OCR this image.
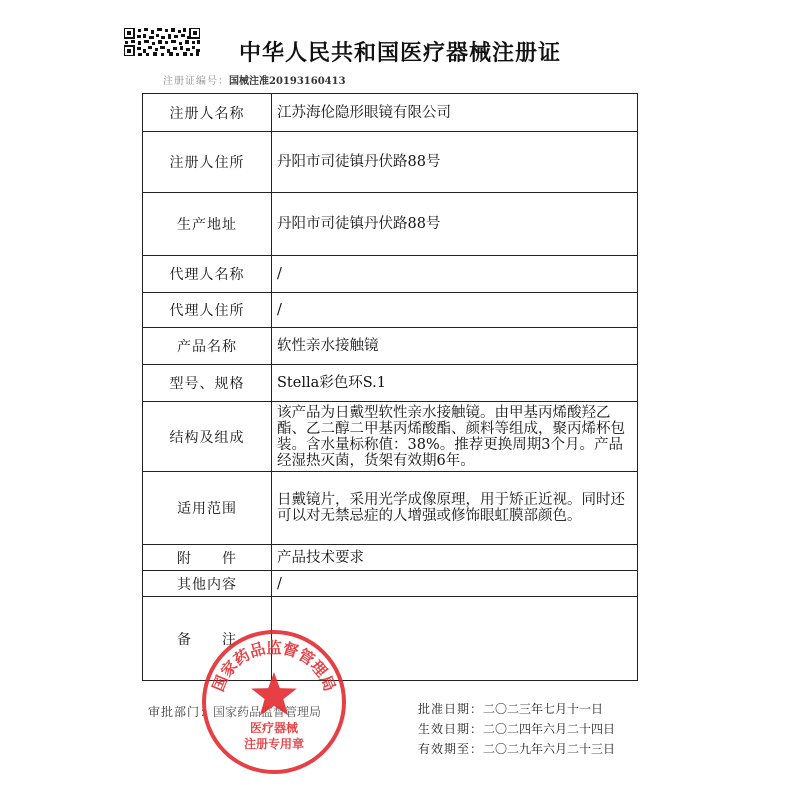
中华人民共和国医疗器械注册证
注册证编号：国械注准20193160413
注册人名称	江苏海伦隐形眼镜有限公司
注册人住所	丹阳市司徒镇丹伏路88号
生产地址	丹阳市司徒镇丹伏路88号
代理人名称	/
代理人住所	/
产品名称	软性亲水接触镜
型号、规格	Stella彩色环S.1
结构及组成	该产品为日戴型软性亲水接触镜。由甲基丙烯酸羟乙酯、乙二醇二甲基丙烯酸酯、颜料等组成，聚丙烯杯包装。含水量标称值：38%。推荐更换周期3个月。产品经湿热灭菌，货架有效期6年。
适用范围	日戴镜片，采用光学成像原理，用于矫正近视。同时还可以对无禁忌症的人增强或修饰眼虹膜部颜色。
附　　件	产品技术要求
其他内容	/
备　　注	
审批部门：国家药品监督管理局	批准日期：二〇二三年七月十一日
生效日期：二〇二四年六月二十四日
有效期至：二〇二九年六月二十三日
国家药品监督管理局
医疗器械
注册专用章
